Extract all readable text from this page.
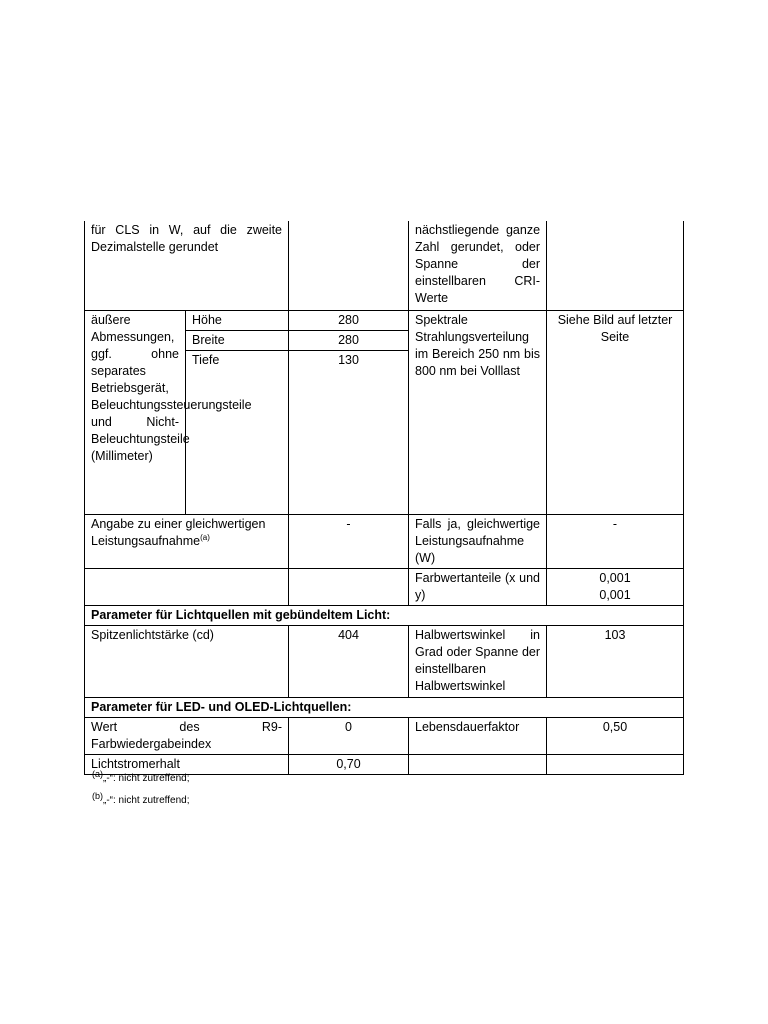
für CLS in W, auf die zweite Dezimalstelle gerundet			nächstliegende ganze Zahl gerundet, oder Spanne der einstellbaren CRI-Werte	
äußere Abmessungen, ggf. ohne separates Betriebsgerät, Beleuchtungssteuerungsteile und Nicht-Beleuchtungsteile (Millimeter)	Höhe	280	Spektrale Strahlungsverteilung im Bereich 250 nm bis 800 nm bei Volllast	Siehe Bild auf letzter Seite
	Breite	280		
	Tiefe	130		
Angabe zu einer gleichwertigen Leistungsaufnahme$^{(a)}$		-	Falls ja, gleichwertige Leistungsaufnahme (W)	-
			Farbwertanteile (x und y)	0,001
0,001

Parameter für Lichtquellen mit gebündeltem Licht:				
Spitzenlichtstärke (cd)		404	Halbwertswinkel in Grad oder Spanne der einstellbaren Halbwertswinkel	103
Parameter für LED- und OLED-Lichtquellen:				
Wert des R9-Farbwiedergabeindex		0	Lebensdauerfaktor	0,50
Lichtstromerhalt		0,70		
$^{(a)}$„-“: nicht zutreffend;
$^{(b)}$„-“: nicht zutreffend;
